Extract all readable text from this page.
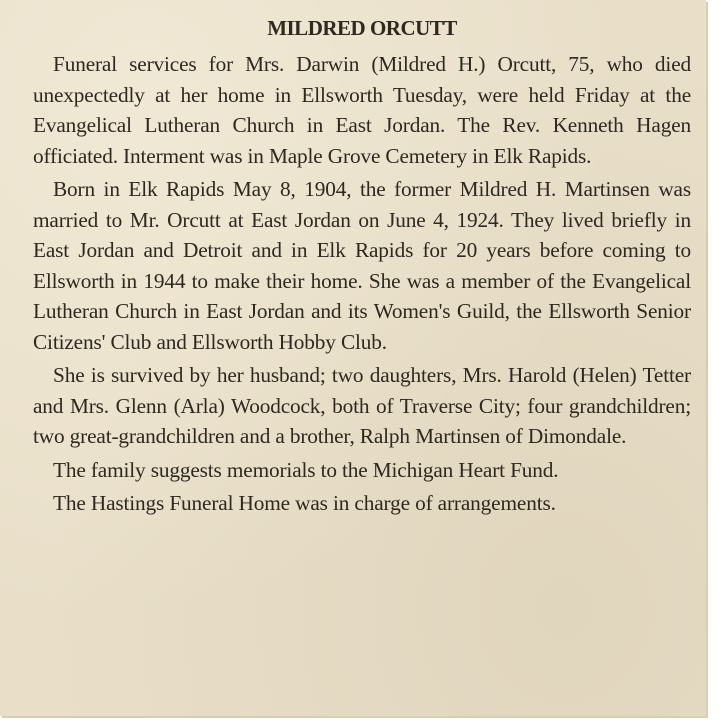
MILDRED ORCUTT

Funeral services for Mrs. Darwin (Mildred H.) Orcutt, 75, who died unexpectedly at her home in Ellsworth Tuesday, were held Friday at the Evangelical Lutheran Church in East Jordan. The Rev. Kenneth Hagen officiated. Interment was in Maple Grove Cemetery in Elk Rapids.

Born in Elk Rapids May 8, 1904, the former Mildred H. Martinsen was married to Mr. Orcutt at East Jordan on June 4, 1924. They lived briefly in East Jordan and Detroit and in Elk Rapids for 20 years before coming to Ellsworth in 1944 to make their home. She was a member of the Evangelical Lutheran Church in East Jordan and its Women's Guild, the Ellsworth Senior Citizens' Club and Ellsworth Hobby Club.

She is survived by her husband; two daughters, Mrs. Harold (Helen) Tetter and Mrs. Glenn (Arla) Woodcock, both of Traverse City; four grandchildren; two great-grandchildren and a brother, Ralph Martinsen of Dimondale.

The family suggests memorials to the Michigan Heart Fund.

The Hastings Funeral Home was in charge of arrangements.
